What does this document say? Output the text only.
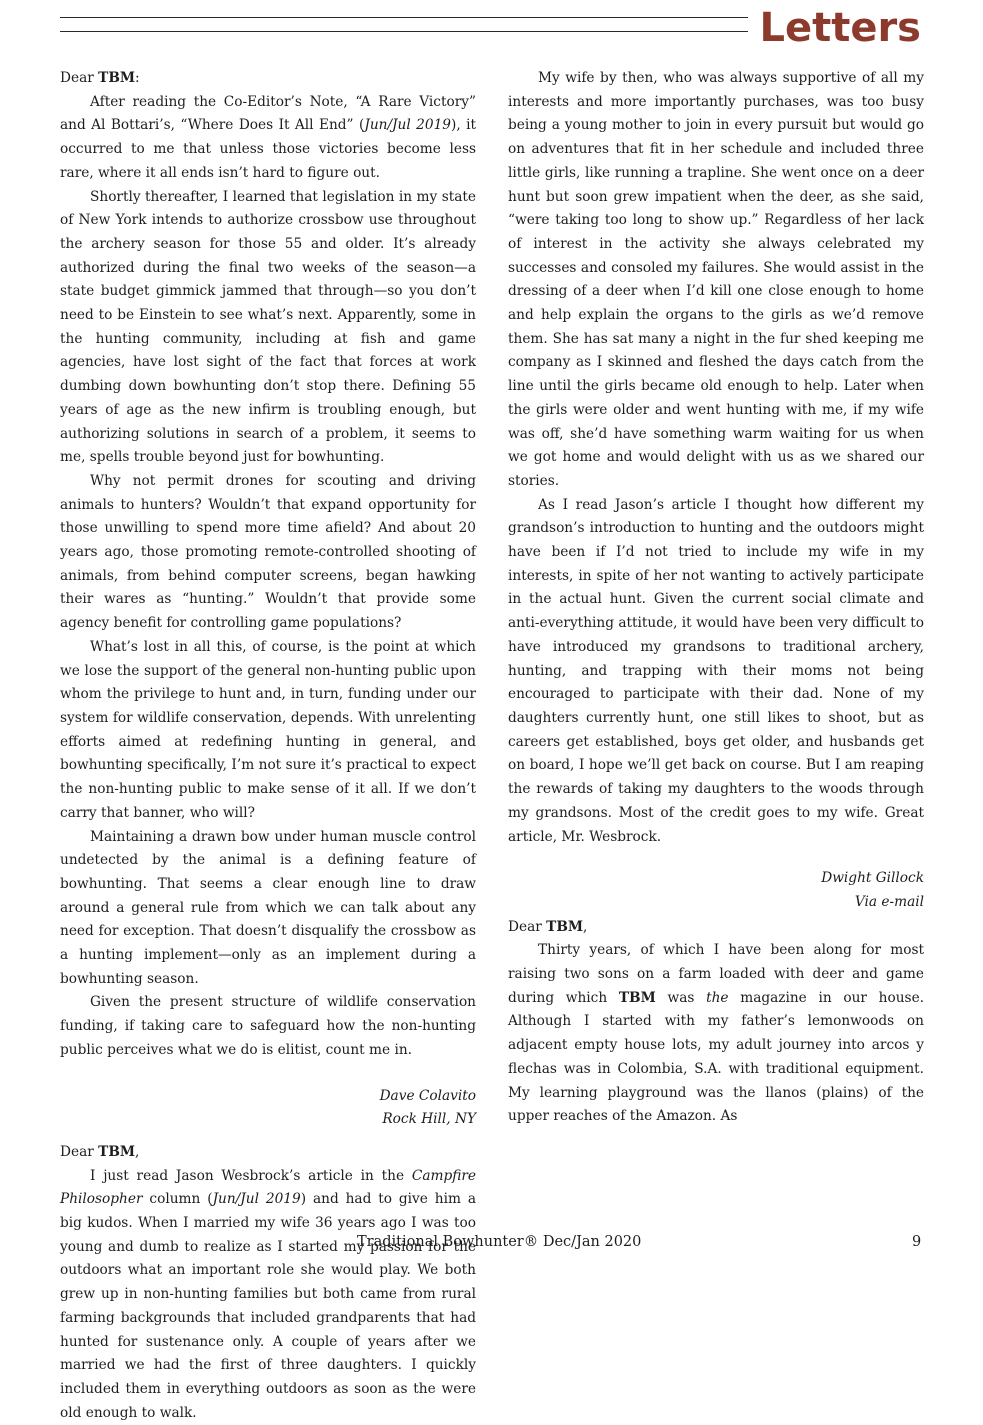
Letters

Dear TBM:

After reading the Co-Editor’s Note, “A Rare Victory” and Al Bottari’s, “Where Does It All End” (Jun/Jul 2019), it occurred to me that unless those victories become less rare, where it all ends isn’t hard to figure out.

Shortly thereafter, I learned that legislation in my state of New York intends to authorize crossbow use throughout the archery season for those 55 and older. It’s already authorized during the final two weeks of the season—a state budget gimmick jammed that through—so you don’t need to be Einstein to see what’s next. Apparently, some in the hunting community, including at fish and game agencies, have lost sight of the fact that forces at work dumbing down bowhunting don’t stop there. Defining 55 years of age as the new infirm is troubling enough, but authorizing solutions in search of a problem, it seems to me, spells trouble beyond just for bowhunting.

Why not permit drones for scouting and driving animals to hunters? Wouldn’t that expand opportunity for those unwilling to spend more time afield? And about 20 years ago, those promoting remote-controlled shooting of animals, from behind computer screens, began hawking their wares as “hunting.” Wouldn’t that provide some agency benefit for controlling game populations?

What’s lost in all this, of course, is the point at which we lose the support of the general non-hunting public upon whom the privilege to hunt and, in turn, funding under our system for wildlife conservation, depends. With unrelenting efforts aimed at redefining hunting in general, and bowhunting specifically, I’m not sure it’s practical to expect the non-hunting public to make sense of it all. If we don’t carry that banner, who will?

Maintaining a drawn bow under human muscle control undetected by the animal is a defining feature of bowhunting. That seems a clear enough line to draw around a general rule from which we can talk about any need for exception. That doesn’t disqualify the crossbow as a hunting implement—only as an implement during a bowhunting season.

Given the present structure of wildlife conservation funding, if taking care to safeguard how the non-hunting public perceives what we do is elitist, count me in.

Dave Colavito
Rock Hill, NY

Dear TBM,

I just read Jason Wesbrock’s article in the Campfire Philosopher column (Jun/Jul 2019) and had to give him a big kudos. When I married my wife 36 years ago I was too young and dumb to realize as I started my passion for the outdoors what an important role she would play. We both grew up in non-hunting families but both came from rural farming backgrounds that included grandparents that had hunted for sustenance only. A couple of years after we married we had the first of three daughters. I quickly included them in everything outdoors as soon as the were old enough to walk.

My wife by then, who was always supportive of all my interests and more importantly purchases, was too busy being a young mother to join in every pursuit but would go on adventures that fit in her schedule and included three little girls, like running a trapline. She went once on a deer hunt but soon grew impatient when the deer, as she said, “were taking too long to show up.” Regardless of her lack of interest in the activity she always celebrated my successes and consoled my failures. She would assist in the dressing of a deer when I’d kill one close enough to home and help explain the organs to the girls as we’d remove them. She has sat many a night in the fur shed keeping me company as I skinned and fleshed the days catch from the line until the girls became old enough to help. Later when the girls were older and went hunting with me, if my wife was off, she’d have something warm waiting for us when we got home and would delight with us as we shared our stories.

As I read Jason’s article I thought how different my grandson’s introduction to hunting and the outdoors might have been if I’d not tried to include my wife in my interests, in spite of her not wanting to actively participate in the actual hunt. Given the current social climate and anti-everything attitude, it would have been very difficult to have introduced my grandsons to traditional archery, hunting, and trapping with their moms not being encouraged to participate with their dad. None of my daughters currently hunt, one still likes to shoot, but as careers get established, boys get older, and husbands get on board, I hope we’ll get back on course. But I am reaping the rewards of taking my daughters to the woods through my grandsons. Most of the credit goes to my wife. Great article, Mr. Wesbrock.

Dwight Gillock
Via e-mail

Dear TBM,

Thirty years, of which I have been along for most raising two sons on a farm loaded with deer and game during which TBM was the magazine in our house. Although I started with my father’s lemonwoods on adjacent empty house lots, my adult journey into arcos y flechas was in Colombia, S.A. with traditional equipment. My learning playground was the llanos (plains) of the upper reaches of the Amazon. As

Traditional Bowhunter® Dec/Jan 2020	9
